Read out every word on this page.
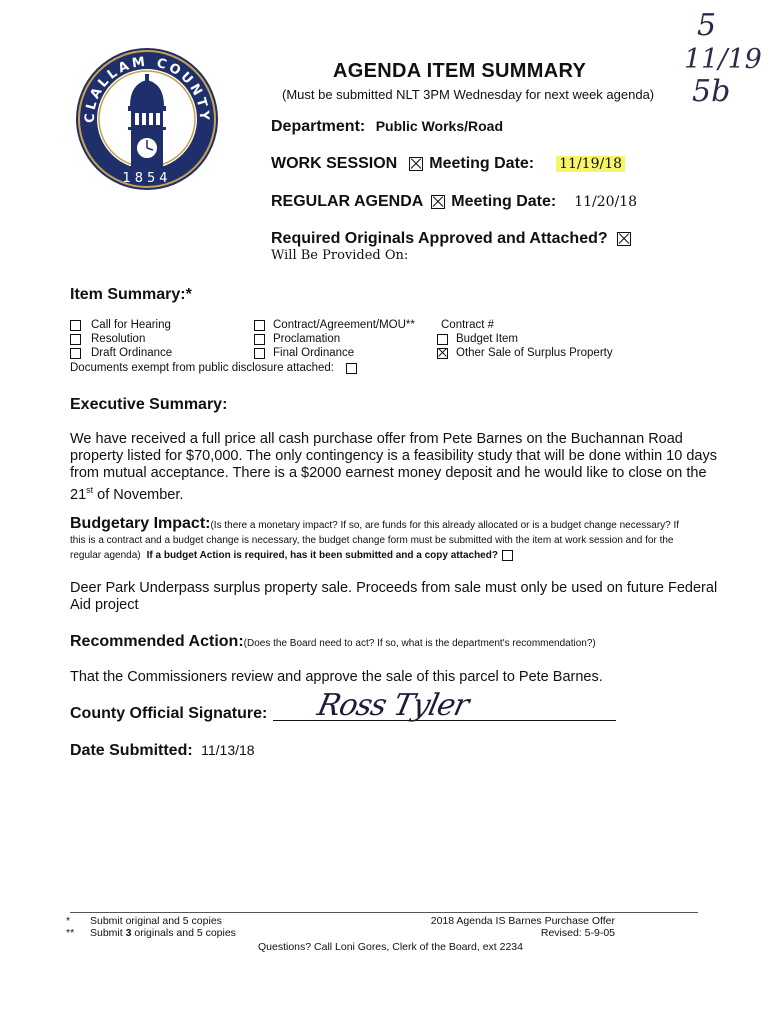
5
11/19
5b
CLALLAM COUNTY
1854
AGENDA ITEM SUMMARY
(Must be submitted NLT 3PM Wednesday for next week agenda)
Department: Public Works/Road
WORK SESSION Meeting Date: 11/19/18
REGULAR AGENDA Meeting Date: 11/20/18
Required Originals Approved and Attached?
Will Be Provided On:
Item Summary:*
Call for Hearing
Resolution
Draft Ordinance
Contract/Agreement/MOU**
Proclamation
Final Ordinance
Contract #
Budget Item
Other Sale of Surplus Property
Documents exempt from public disclosure attached:
Executive Summary:
We have received a full price all cash purchase offer from Pete Barnes on the Buchannan Road
property listed for $70,000. The only contingency is a feasibility study that will be done within 10 days
from mutual acceptance. There is a $2000 earnest money deposit and he would like to close on the
21st of November.
Budgetary Impact:(Is there a monetary impact? If so, are funds for this already allocated or is a budget change necessary? If
this is a contract and a budget change is necessary, the budget change form must be submitted with the item at work session and for the
regular agenda) If a budget Action is required, has it been submitted and a copy attached?
Deer Park Underpass surplus property sale. Proceeds from sale must only be used on future Federal
Aid project
Recommended Action:(Does the Board need to act? If so, what is the department's recommendation?)
That the Commissioners review and approve the sale of this parcel to Pete Barnes.
County Official Signature: Ross Tyler
Date Submitted: 11/13/18
* Submit original and 5 copies
** Submit 3 originals and 5 copies
Questions? Call Loni Gores, Clerk of the Board, ext 2234
2018 Agenda IS Barnes Purchase Offer
Revised: 5-9-05
